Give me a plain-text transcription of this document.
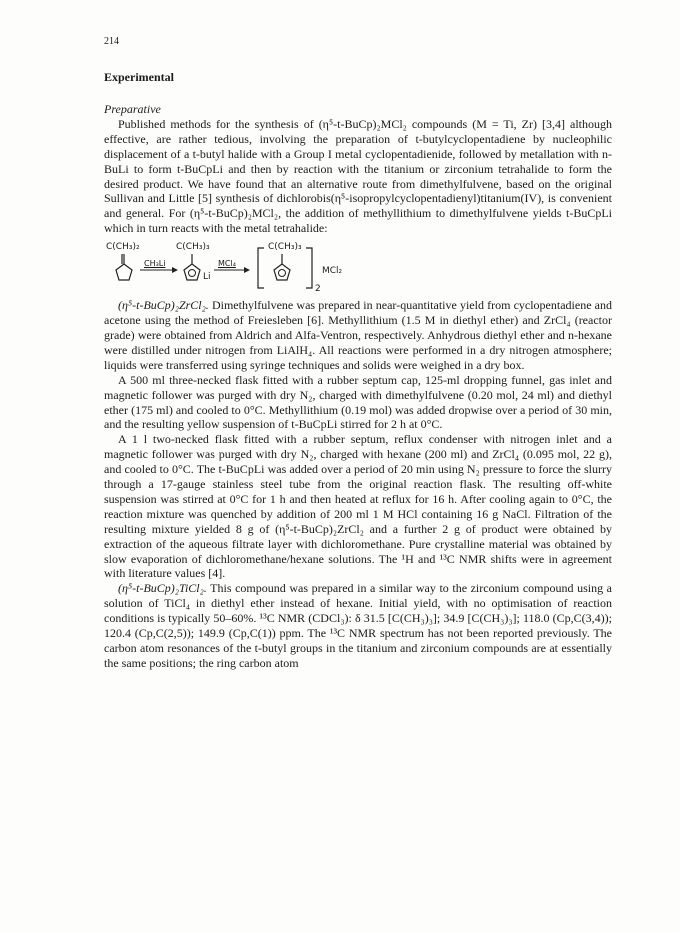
214
Experimental
Preparative

Published methods for the synthesis of (η⁵-t-BuCp)₂MCl₂ compounds (M = Ti, Zr) [3,4] although effective, are rather tedious, involving the preparation of t-butylcyclopentadiene by nucleophilic displacement of a t-butyl halide with a Group I metal cyclopentadienide, followed by metallation with n-BuLi to form t-BuCpLi and then by reaction with the titanium or zirconium tetrahalide to form the desired product. We have found that an alternative route from dimethylfulvene, based on the original Sullivan and Little [5] synthesis of dichlorobis(η⁵-isopropylcyclopentadienyl)titanium(IV), is convenient and general. For (η⁵-t-BuCp)₂MCl₂, the addition of methyllithium to dimethylfulvene yields t-BuCpLi which in turn reacts with the metal tetrahalide:

C(CH₃)₂
CH₃Li
C(CH₃)₃
Li
MCl₄
C(CH₃)₃
MCl₂
2

(η⁵-t-BuCp)₂ZrCl₂. Dimethylfulvene was prepared in near-quantitative yield from cyclopentadiene and acetone using the method of Freiesleben [6]. Methyllithium (1.5 M in diethyl ether) and ZrCl₄ (reactor grade) were obtained from Aldrich and Alfa-Ventron, respectively. Anhydrous diethyl ether and n-hexane were distilled under nitrogen from LiAlH₄. All reactions were performed in a dry nitrogen atmosphere; liquids were transferred using syringe techniques and solids were weighed in a dry box.

A 500 ml three-necked flask fitted with a rubber septum cap, 125-ml dropping funnel, gas inlet and magnetic follower was purged with dry N₂, charged with dimethylfulvene (0.20 mol, 24 ml) and diethyl ether (175 ml) and cooled to 0°C. Methyllithium (0.19 mol) was added dropwise over a period of 30 min, and the resulting yellow suspension of t-BuCpLi stirred for 2 h at 0°C.

A 1 l two-necked flask fitted with a rubber septum, reflux condenser with nitrogen inlet and a magnetic follower was purged with dry N₂, charged with hexane (200 ml) and ZrCl₄ (0.095 mol, 22 g), and cooled to 0°C. The t-BuCpLi was added over a period of 20 min using N₂ pressure to force the slurry through a 17-gauge stainless steel tube from the original reaction flask. The resulting off-white suspension was stirred at 0°C for 1 h and then heated at reflux for 16 h. After cooling again to 0°C, the reaction mixture was quenched by addition of 200 ml 1 M HCl containing 16 g NaCl. Filtration of the resulting mixture yielded 8 g of (η⁵-t-BuCp)₂ZrCl₂ and a further 2 g of product were obtained by extraction of the aqueous filtrate layer with dichloromethane. Pure crystalline material was obtained by slow evaporation of dichloromethane/hexane solutions. The ¹H and ¹³C NMR shifts were in agreement with literature values [4].

(η⁵-t-BuCp)₂TiCl₂. This compound was prepared in a similar way to the zirconium compound using a solution of TiCl₄ in diethyl ether instead of hexane. Initial yield, with no optimisation of reaction conditions is typically 50–60%. ¹³C NMR (CDCl₃): δ 31.5 [C(CH₃)₃]; 34.9 [C(CH₃)₃]; 118.0 (Cp,C(3,4)); 120.4 (Cp,C(2,5)); 149.9 (Cp,C(1)) ppm. The ¹³C NMR spectrum has not been reported previously. The carbon atom resonances of the t-butyl groups in the titanium and zirconium compounds are at essentially the same positions; the ring carbon atom
